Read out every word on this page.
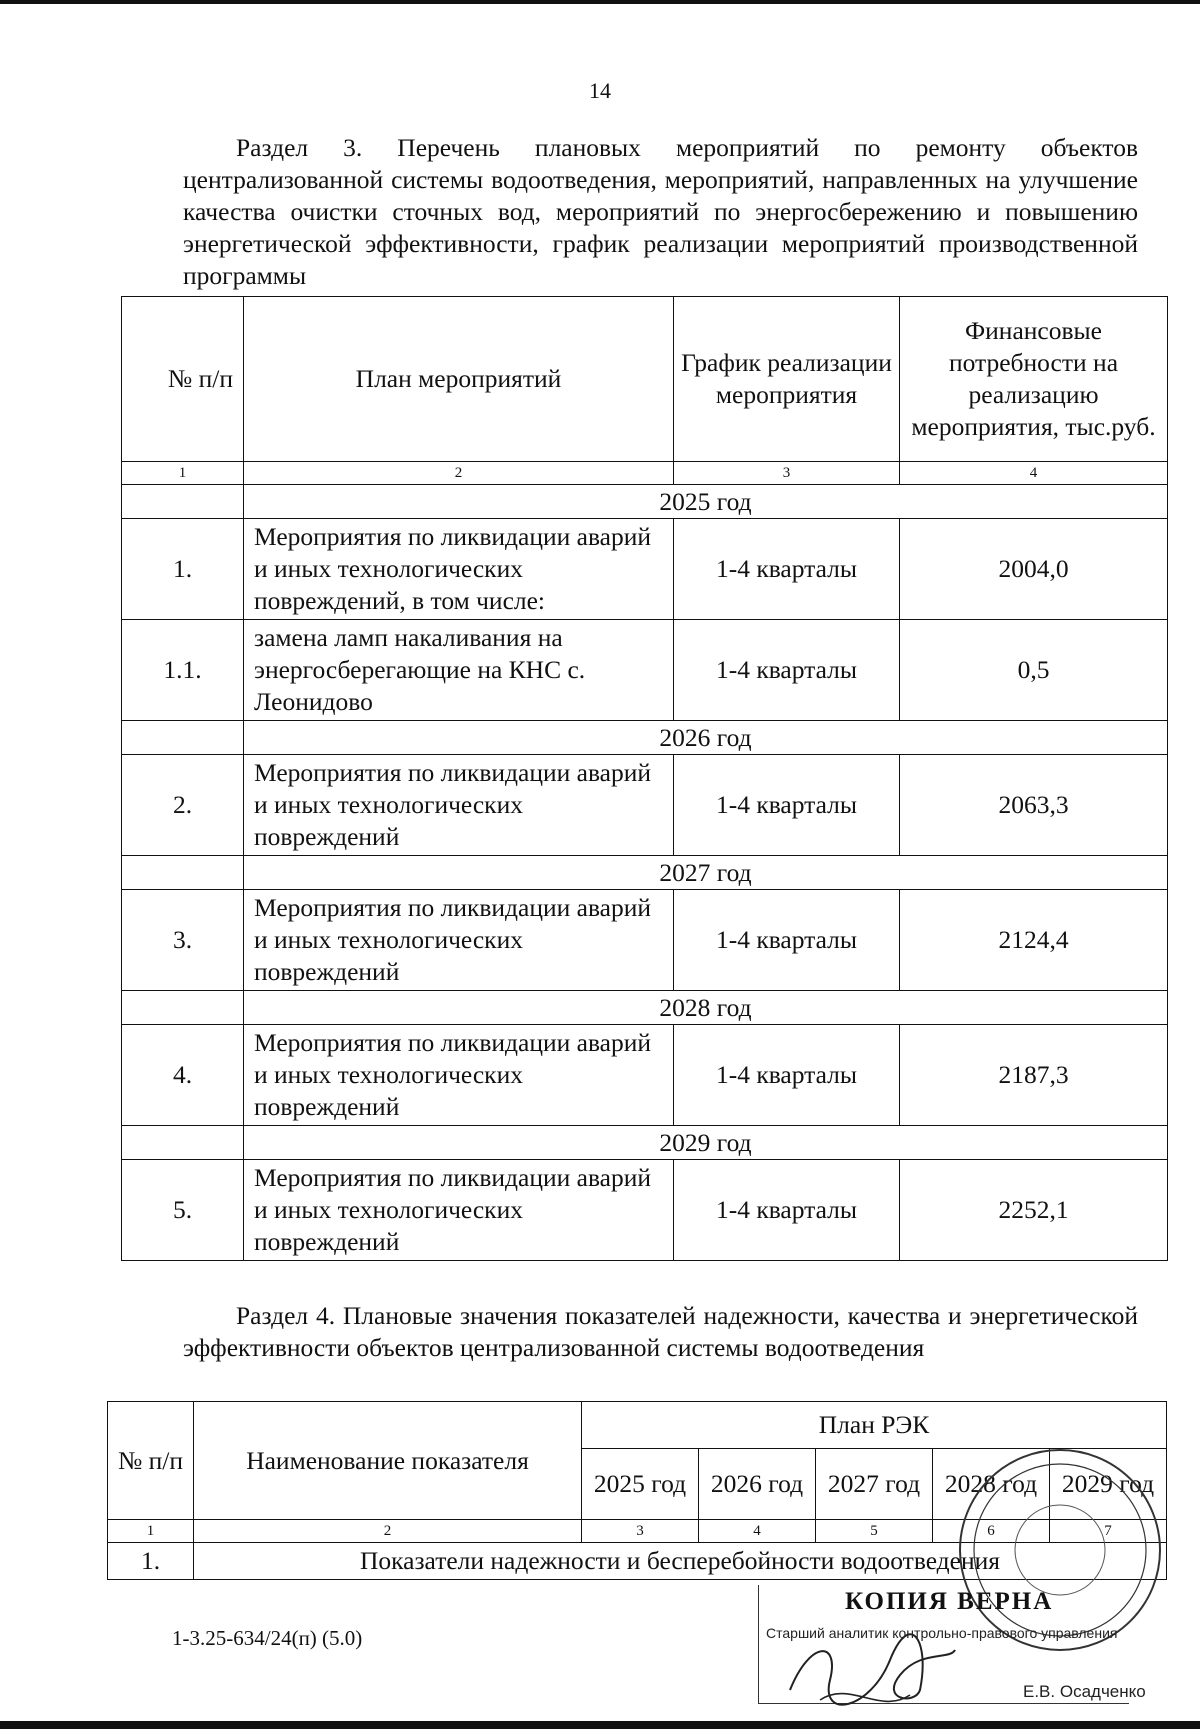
14
Раздел 3. Перечень плановых мероприятий по ремонту объектов централизованной системы водоотведения, мероприятий, направленных на улучшение качества очистки сточных вод, мероприятий по энергосбережению и повышению энергетической эффективности, график реализации мероприятий производственной программы
№ п/п	План мероприятий	График реализации мероприятия	Финансовые потребности на реализацию мероприятия, тыс.руб.
1	2	3	4
	2025 год		
1.	Мероприятия по ликвидации аварий и иных технологических повреждений, в том числе:	1-4 кварталы	2004,0
1.1.	замена ламп накаливания на энергосберегающие на КНС с. Леонидово	1-4 кварталы	0,5
	2026 год		
2.	Мероприятия по ликвидации аварий и иных технологических повреждений	1-4 кварталы	2063,3
	2027 год		
3.	Мероприятия по ликвидации аварий и иных технологических повреждений	1-4 кварталы	2124,4
	2028 год		
4.	Мероприятия по ликвидации аварий и иных технологических повреждений	1-4 кварталы	2187,3
	2029 год		
5.	Мероприятия по ликвидации аварий и иных технологических повреждений	1-4 кварталы	2252,1
Раздел 4. Плановые значения показателей надежности, качества и энергетической эффективности объектов централизованной системы водоотведения
№ п/п	Наименование показателя	План РЭК				
		2025 год	2026 год	2027 год	2028 год	2029 год
1	2	3	4	5	6	7
1.	Показатели надежности и бесперебойности водоотведения					
1-3.25-634/24(п) (5.0)
КОПИЯ ВЕРНА
Старший аналитик контрольно-правового управления
Е.В. Осадченко
